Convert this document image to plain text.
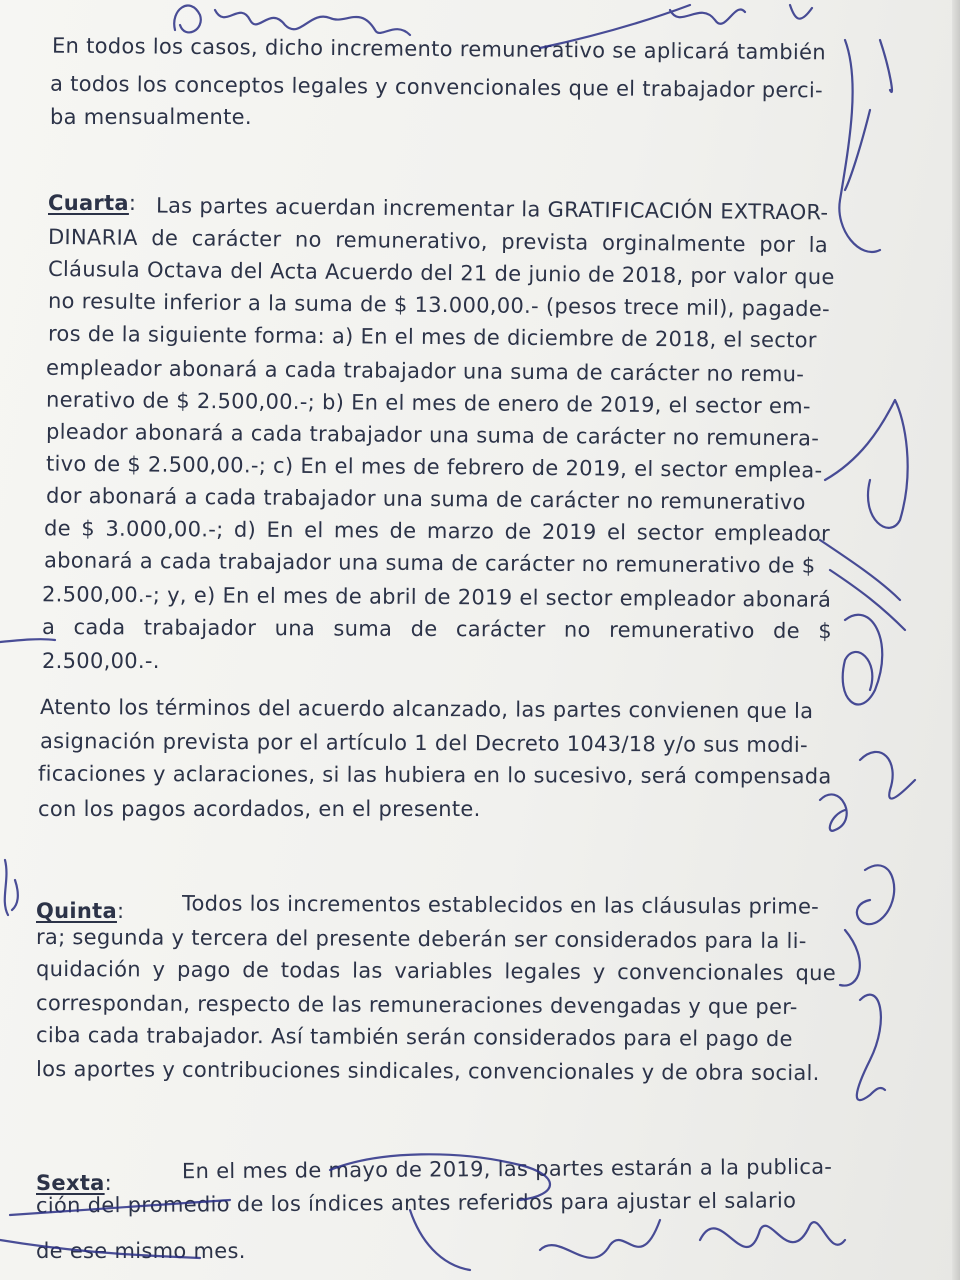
En todos los casos, dicho incremento remunerativo se aplicará también
a todos los conceptos legales y convencionales que el trabajador perci-
ba mensualmente.
Cuarta: Las partes acuerdan incrementar la GRATIFICACIÓN EXTRAOR-
DINARIA de carácter no remunerativo, prevista orginalmente por la
Cláusula Octava del Acta Acuerdo del 21 de junio de 2018, por valor que
no resulte inferior a la suma de $ 13.000,00.- (pesos trece mil), pagade-
ros de la siguiente forma: a) En el mes de diciembre de 2018, el sector
empleador abonará a cada trabajador una suma de carácter no remu-
nerativo de $ 2.500,00.-; b) En el mes de enero de 2019, el sector em-
pleador abonará a cada trabajador una suma de carácter no remunera-
tivo de $ 2.500,00.-; c) En el mes de febrero de 2019, el sector emplea-
dor abonará a cada trabajador una suma de carácter no remunerativo
de $ 3.000,00.-; d) En el mes de marzo de 2019 el sector empleador
abonará a cada trabajador una suma de carácter no remunerativo de $
2.500,00.-; y, e) En el mes de abril de 2019 el sector empleador abonará
a cada trabajador una suma de carácter no remunerativo de $
2.500,00.-.
Atento los términos del acuerdo alcanzado, las partes convienen que la
asignación prevista por el artículo 1 del Decreto 1043/18 y/o sus modi-
ficaciones y aclaraciones, si las hubiera en lo sucesivo, será compensada
con los pagos acordados, en el presente.
Quinta:	Todos los incrementos establecidos en las cláusulas prime-
ra; segunda y tercera del presente deberán ser considerados para la li-
quidación y pago de todas las variables legales y convencionales que
correspondan, respecto de las remuneraciones devengadas y que per-
ciba cada trabajador. Así también serán considerados para el pago de
los aportes y contribuciones sindicales, convencionales y de obra social.
Sexta:	En el mes de mayo de 2019, las partes estarán a la publica-
ción del promedio de los índices antes referidos para ajustar el salario
de ese mismo mes.
